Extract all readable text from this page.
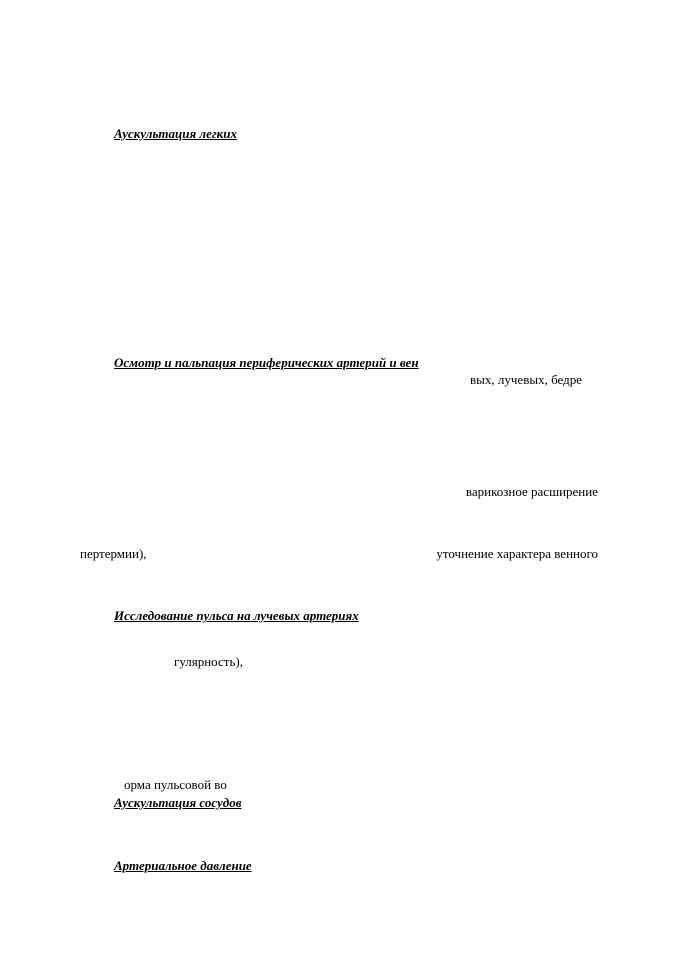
Аускультация легких
Осмотр и пальпация периферических артерий и вен
вых, лучевых, бедре
варикозное расширение
пертермии),	уточнение характера венного
Исследование пульса на лучевых артериях
гулярность),
орма пульсовой во
Аускультация сосудов
Артериальное давление
